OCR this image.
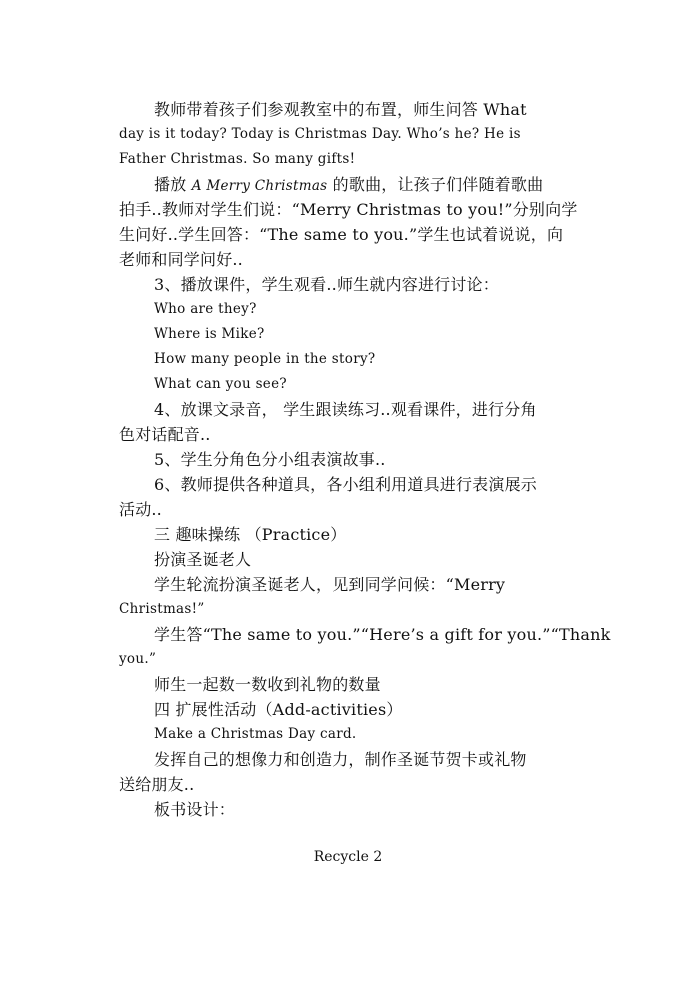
教师带着孩子们参观教室中的布置，师生问答 What
day is it today? Today is Christmas Day. Who’s he? He is
Father Christmas. So many gifts!
播放 A Merry Christmas 的歌曲，让孩子们伴随着歌曲
拍手..教师对学生们说：“Merry Christmas to you!”分别向学
生问好..学生回答：“The same to you.”学生也试着说说，向
老师和同学问好..
3、播放课件，学生观看..师生就内容进行讨论：
Who are they?
Where is Mike?
How many people in the story?
What can you see?
4、放课文录音， 学生跟读练习..观看课件，进行分角
色对话配音..
5、学生分角色分小组表演故事..
6、教师提供各种道具，各小组利用道具进行表演展示
活动..
三 趣味操练 （Practice）
扮演圣诞老人
学生轮流扮演圣诞老人，见到同学问候：“Merry
Christmas!”
学生答“The same to you.”“Here’s a gift for you.”“Thank
you.”
师生一起数一数收到礼物的数量
四 扩展性活动（Add-activities）
Make a Christmas Day card.
发挥自己的想像力和创造力，制作圣诞节贺卡或礼物
送给朋友..
板书设计：
Recycle 2
